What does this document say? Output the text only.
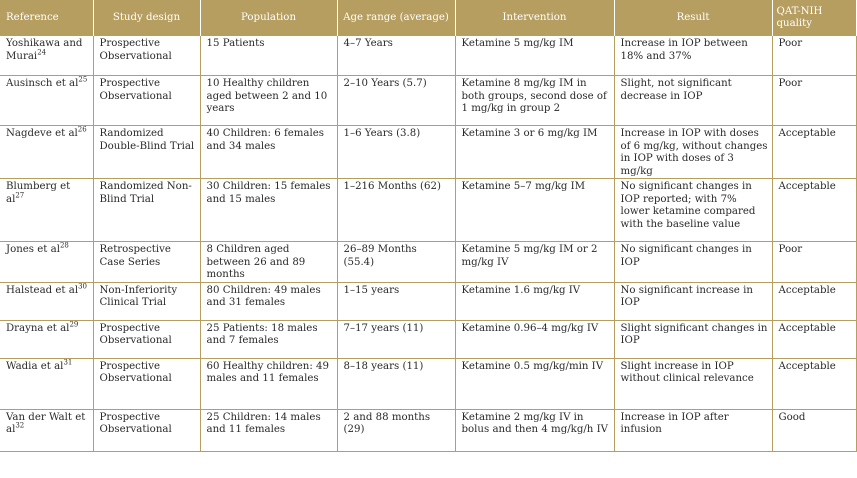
Reference	Study design	Population	Age range (average)	Intervention	Result	QAT-NIH quality
Yoshikawa and Murai$^{24}$	Prospective Observational	15 Patients	4–7 Years	Ketamine 5 mg/kg IM	Increase in IOP between 18% and 37%	Poor
Ausinsch et $al^{25}$	Prospective Observational	10 Healthy children aged between 2 and 10 years	2–10 Years (5.7)	Ketamine 8 mg/kg IM in both groups, second dose of 1 mg/kg in group 2	Slight, not significant decrease in IOP	Poor
Nagdeve et $al^{26}$	Randomized Double-Blind Trial	40 Children: 6 females and 34 males	1–6 Years (3.8)	Ketamine 3 or 6 mg/kg IM	Increase in IOP with doses of 6 mg/kg, without changes in IOP with doses of 3 mg/kg	Acceptable
Blumberg et $al^{27}$	Randomized Non-Blind Trial	30 Children: 15 females and 15 males	1–216 Months (62)	Ketamine 5–7 mg/kg IM	No significant changes in IOP reported; with 7% lower ketamine compared with the baseline value	Acceptable
Jones et $al^{28}$	Retrospective Case Series	8 Children aged between 26 and 89 months	26–89 Months (55.4)	Ketamine 5 mg/kg IM or 2 mg/kg IV	No significant changes in IOP	Poor
Halstead et $al^{30}$	Non-Inferiority Clinical Trial	80 Children: 49 males and 31 females	1–15 years	Ketamine 1.6 mg/kg IV	No significant increase in IOP	Acceptable
Drayna et $al^{29}$	Prospective Observational	25 Patients: 18 males and 7 females	7–17 years (11)	Ketamine 0.96–4 mg/kg IV	Slight significant changes in IOP	Acceptable
Wadia et $al^{31}$	Prospective Observational	60 Healthy children: 49 males and 11 females	8–18 years (11)	Ketamine 0.5 mg/kg/min IV	Slight increase in IOP without clinical relevance	Acceptable
Van der Walt et $al^{32}$	Prospective Observational	25 Children: 14 males and 11 females	2 and 88 months (29)	Ketamine 2 mg/kg IV in bolus and then 4 mg/kg/h IV	Increase in IOP after infusion	Good
